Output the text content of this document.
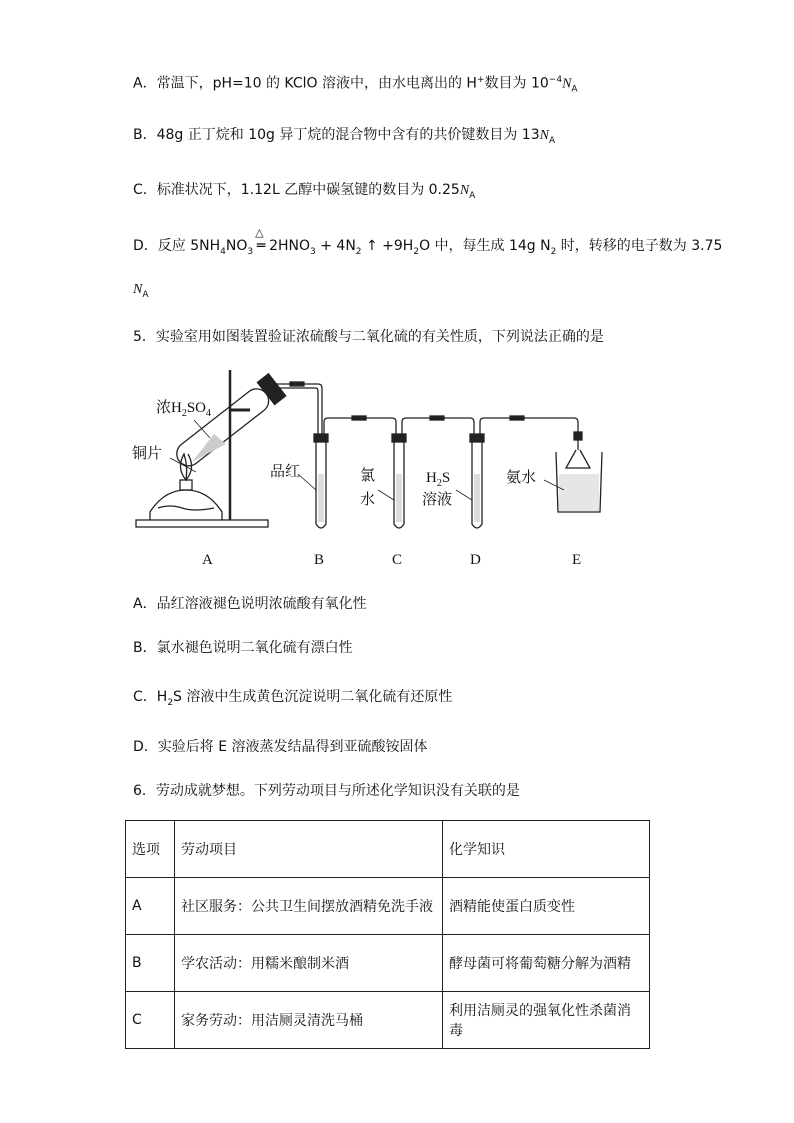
A．常温下，pH=10 的 KClO 溶液中，由水电离出的 H+数目为 $10^{-4}N_A$
B．48g 正丁烷和 10g 异丁烷的混合物中含有的共价键数目为 $13N_A$
C．标准状况下，1.12L 乙醇中碳氢键的数目为 $0.25N_A$
D．反应 $5NH_4NO_3$
△
═ $2HNO_3 + 4N_2$ ↑ $+9H_2O$ 中，每生成 14g $N_2$ 时，转移的电子数为 3.75
$N_A$
5．实验室用如图装置验证浓硫酸与二氧化硫的有关性质，下列说法正确的是
浓$H_2SO_4$
铜片
品红	氯
水
$H_2S$
溶液
氨水
A	B	C	D	E
A．品红溶液褪色说明浓硫酸有氧化性
B．氯水褪色说明二氧化硫有漂白性
C．$H_2S$ 溶液中生成黄色沉淀说明二氧化硫有还原性
D．实验后将 E 溶液蒸发结晶得到亚硫酸铵固体
6．劳动成就梦想。下列劳动项目与所述化学知识没有关联的是
选项	劳动项目	化学知识
A	社区服务：公共卫生间摆放酒精免洗手液	酒精能使蛋白质变性
B	学农活动：用糯米酿制米酒	酵母菌可将葡萄糖分解为酒精
C	家务劳动：用洁厕灵清洗马桶	利用洁厕灵的强氧化性杀菌消毒
